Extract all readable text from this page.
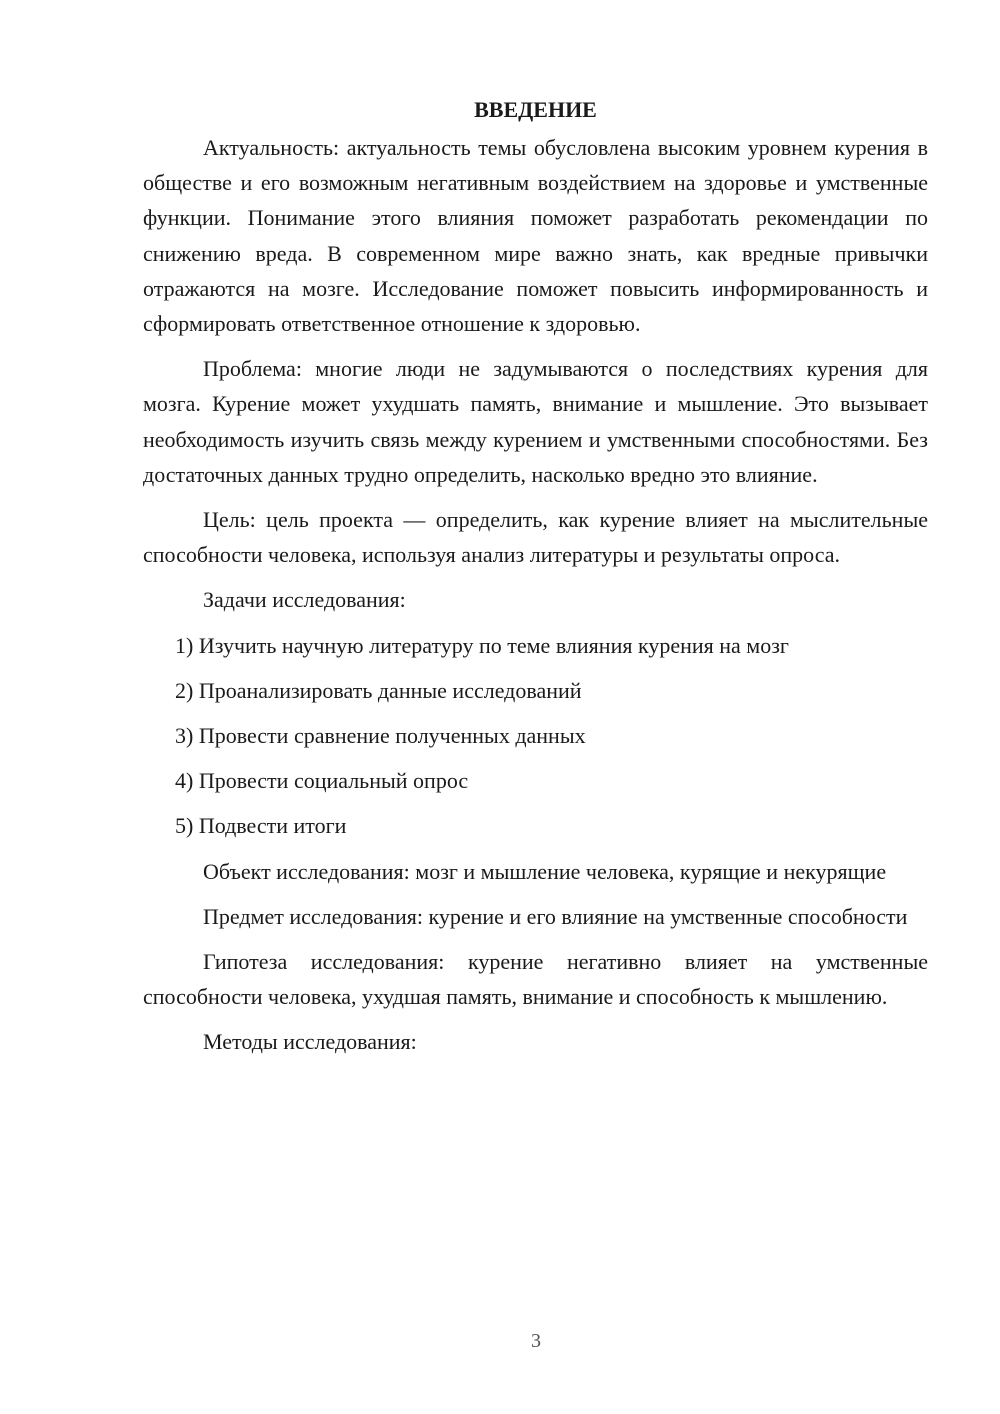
ВВЕДЕНИЕ

Актуальность: актуальность темы обусловлена высоким уровнем курения в обществе и его возможным негативным воздействием на здоровье и умственные функции. Понимание этого влияния поможет разработать рекомендации по снижению вреда. В современном мире важно знать, как вредные привычки отражаются на мозге. Исследование поможет повысить информированность и сформировать ответственное отношение к здоровью.

Проблема: многие люди не задумываются о последствиях курения для мозга. Курение может ухудшать память, внимание и мышление. Это вызывает необходимость изучить связь между курением и умственными способностями. Без достаточных данных трудно определить, насколько вредно это влияние.

Цель: цель проекта — определить, как курение влияет на мыслительные способности человека, используя анализ литературы и результаты опроса.

Задачи исследования:
1) Изучить научную литературу по теме влияния курения на мозг
2) Проанализировать данные исследований
3) Провести сравнение полученных данных
4) Провести социальный опрос
5) Подвести итоги

Объект исследования: мозг и мышление человека, курящие и некурящие

Предмет исследования: курение и его влияние на умственные способности

Гипотеза исследования: курение негативно влияет на умственные способности человека, ухудшая память, внимание и способность к мышлению.

Методы исследования:
3
